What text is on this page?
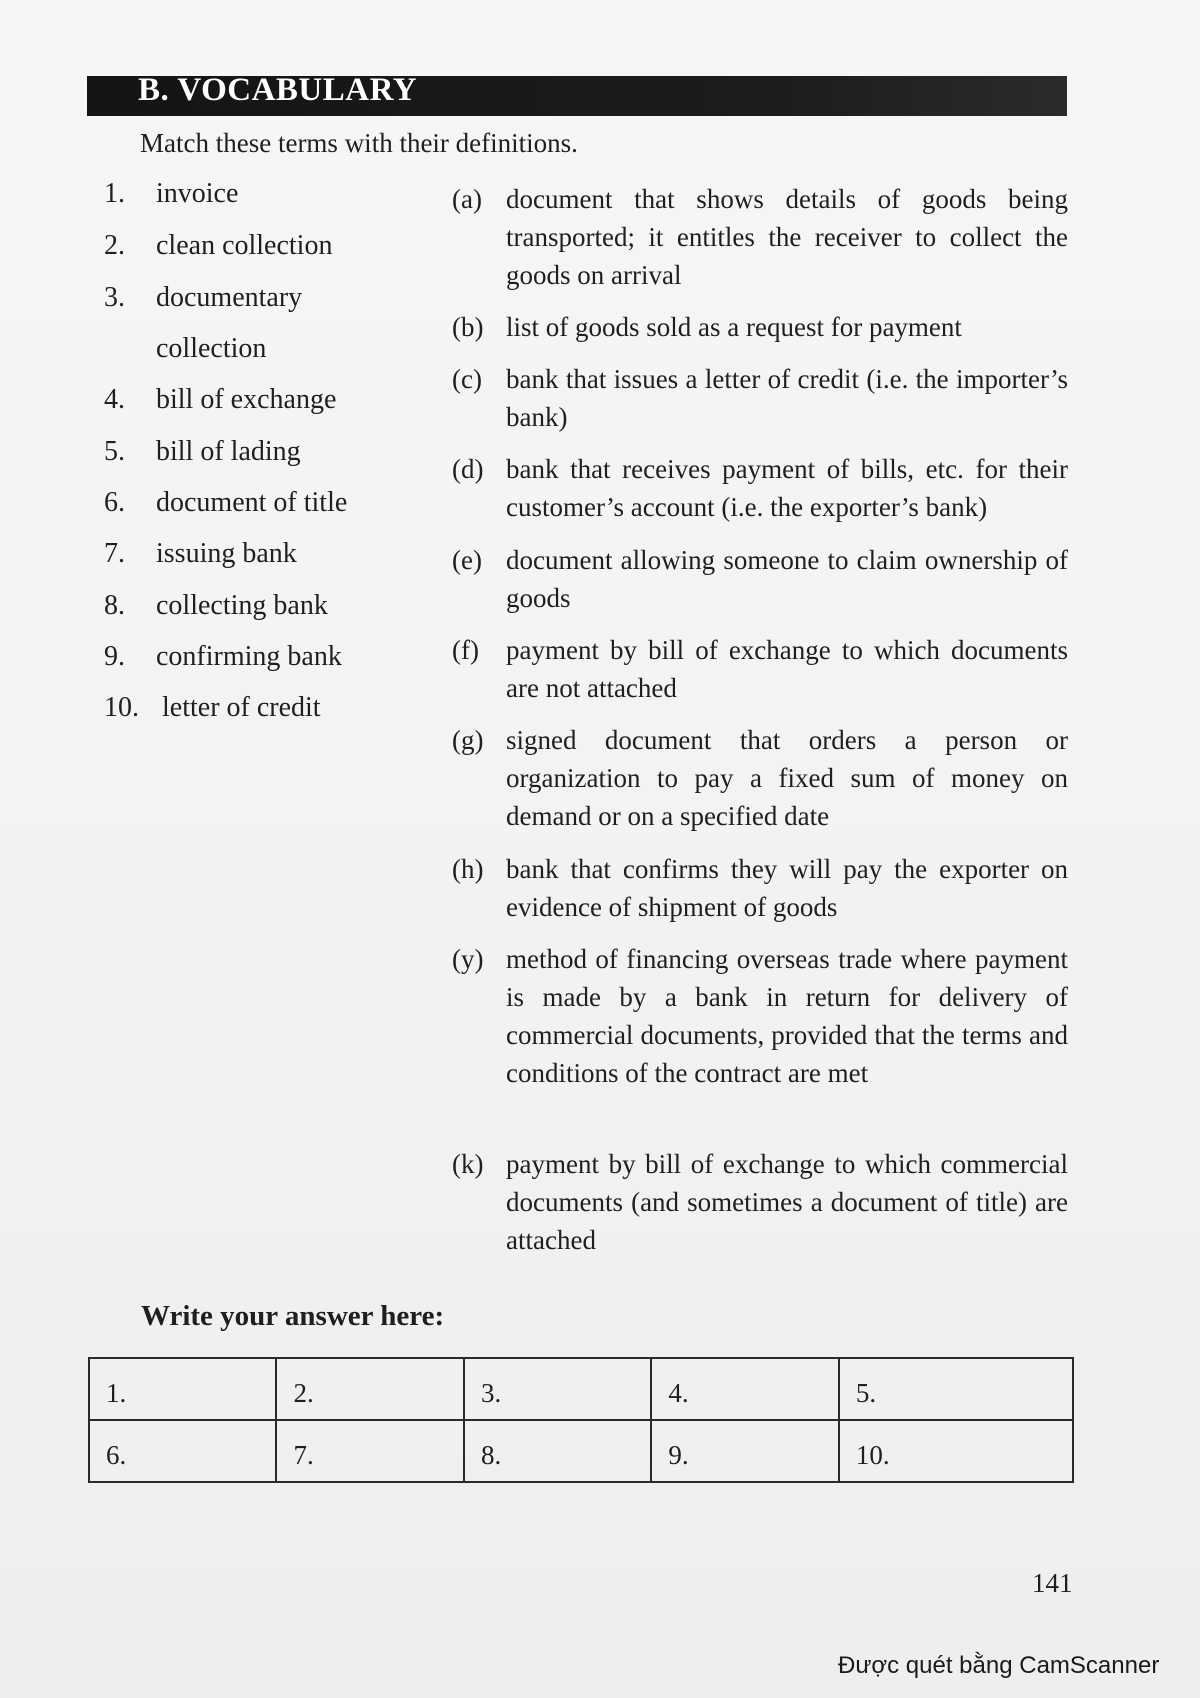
B. VOCABULARY
Match these terms with their definitions.
1. invoice
2. clean collection
3. documentary
collection
4. bill of exchange
5. bill of lading
6. document of title
7. issuing bank
8. collecting bank
9. confirming bank
10. letter of credit
(a) document that shows details of goods being transported; it entitles the receiver to collect the goods on arrival
(b) list of goods sold as a request for payment
(c) bank that issues a letter of credit (i.e. the importer’s bank)
(d) bank that receives payment of bills, etc. for their customer’s account (i.e. the exporter’s bank)
(e) document allowing someone to claim ownership of goods
(f) payment by bill of exchange to which documents are not attached
(g) signed document that orders a person or organization to pay a fixed sum of money on demand or on a specified date
(h) bank that confirms they will pay the exporter on evidence of shipment of goods
(y) method of financing overseas trade where payment is made by a bank in return for delivery of commercial documents, provided that the terms and conditions of the contract are met
(k) payment by bill of exchange to which commercial documents (and sometimes a document of title) are attached
Write your answer here:
1.	2.	3.	4.	5.
6.	7.	8.	9.	10.
141
Được quét bằng CamScanner
